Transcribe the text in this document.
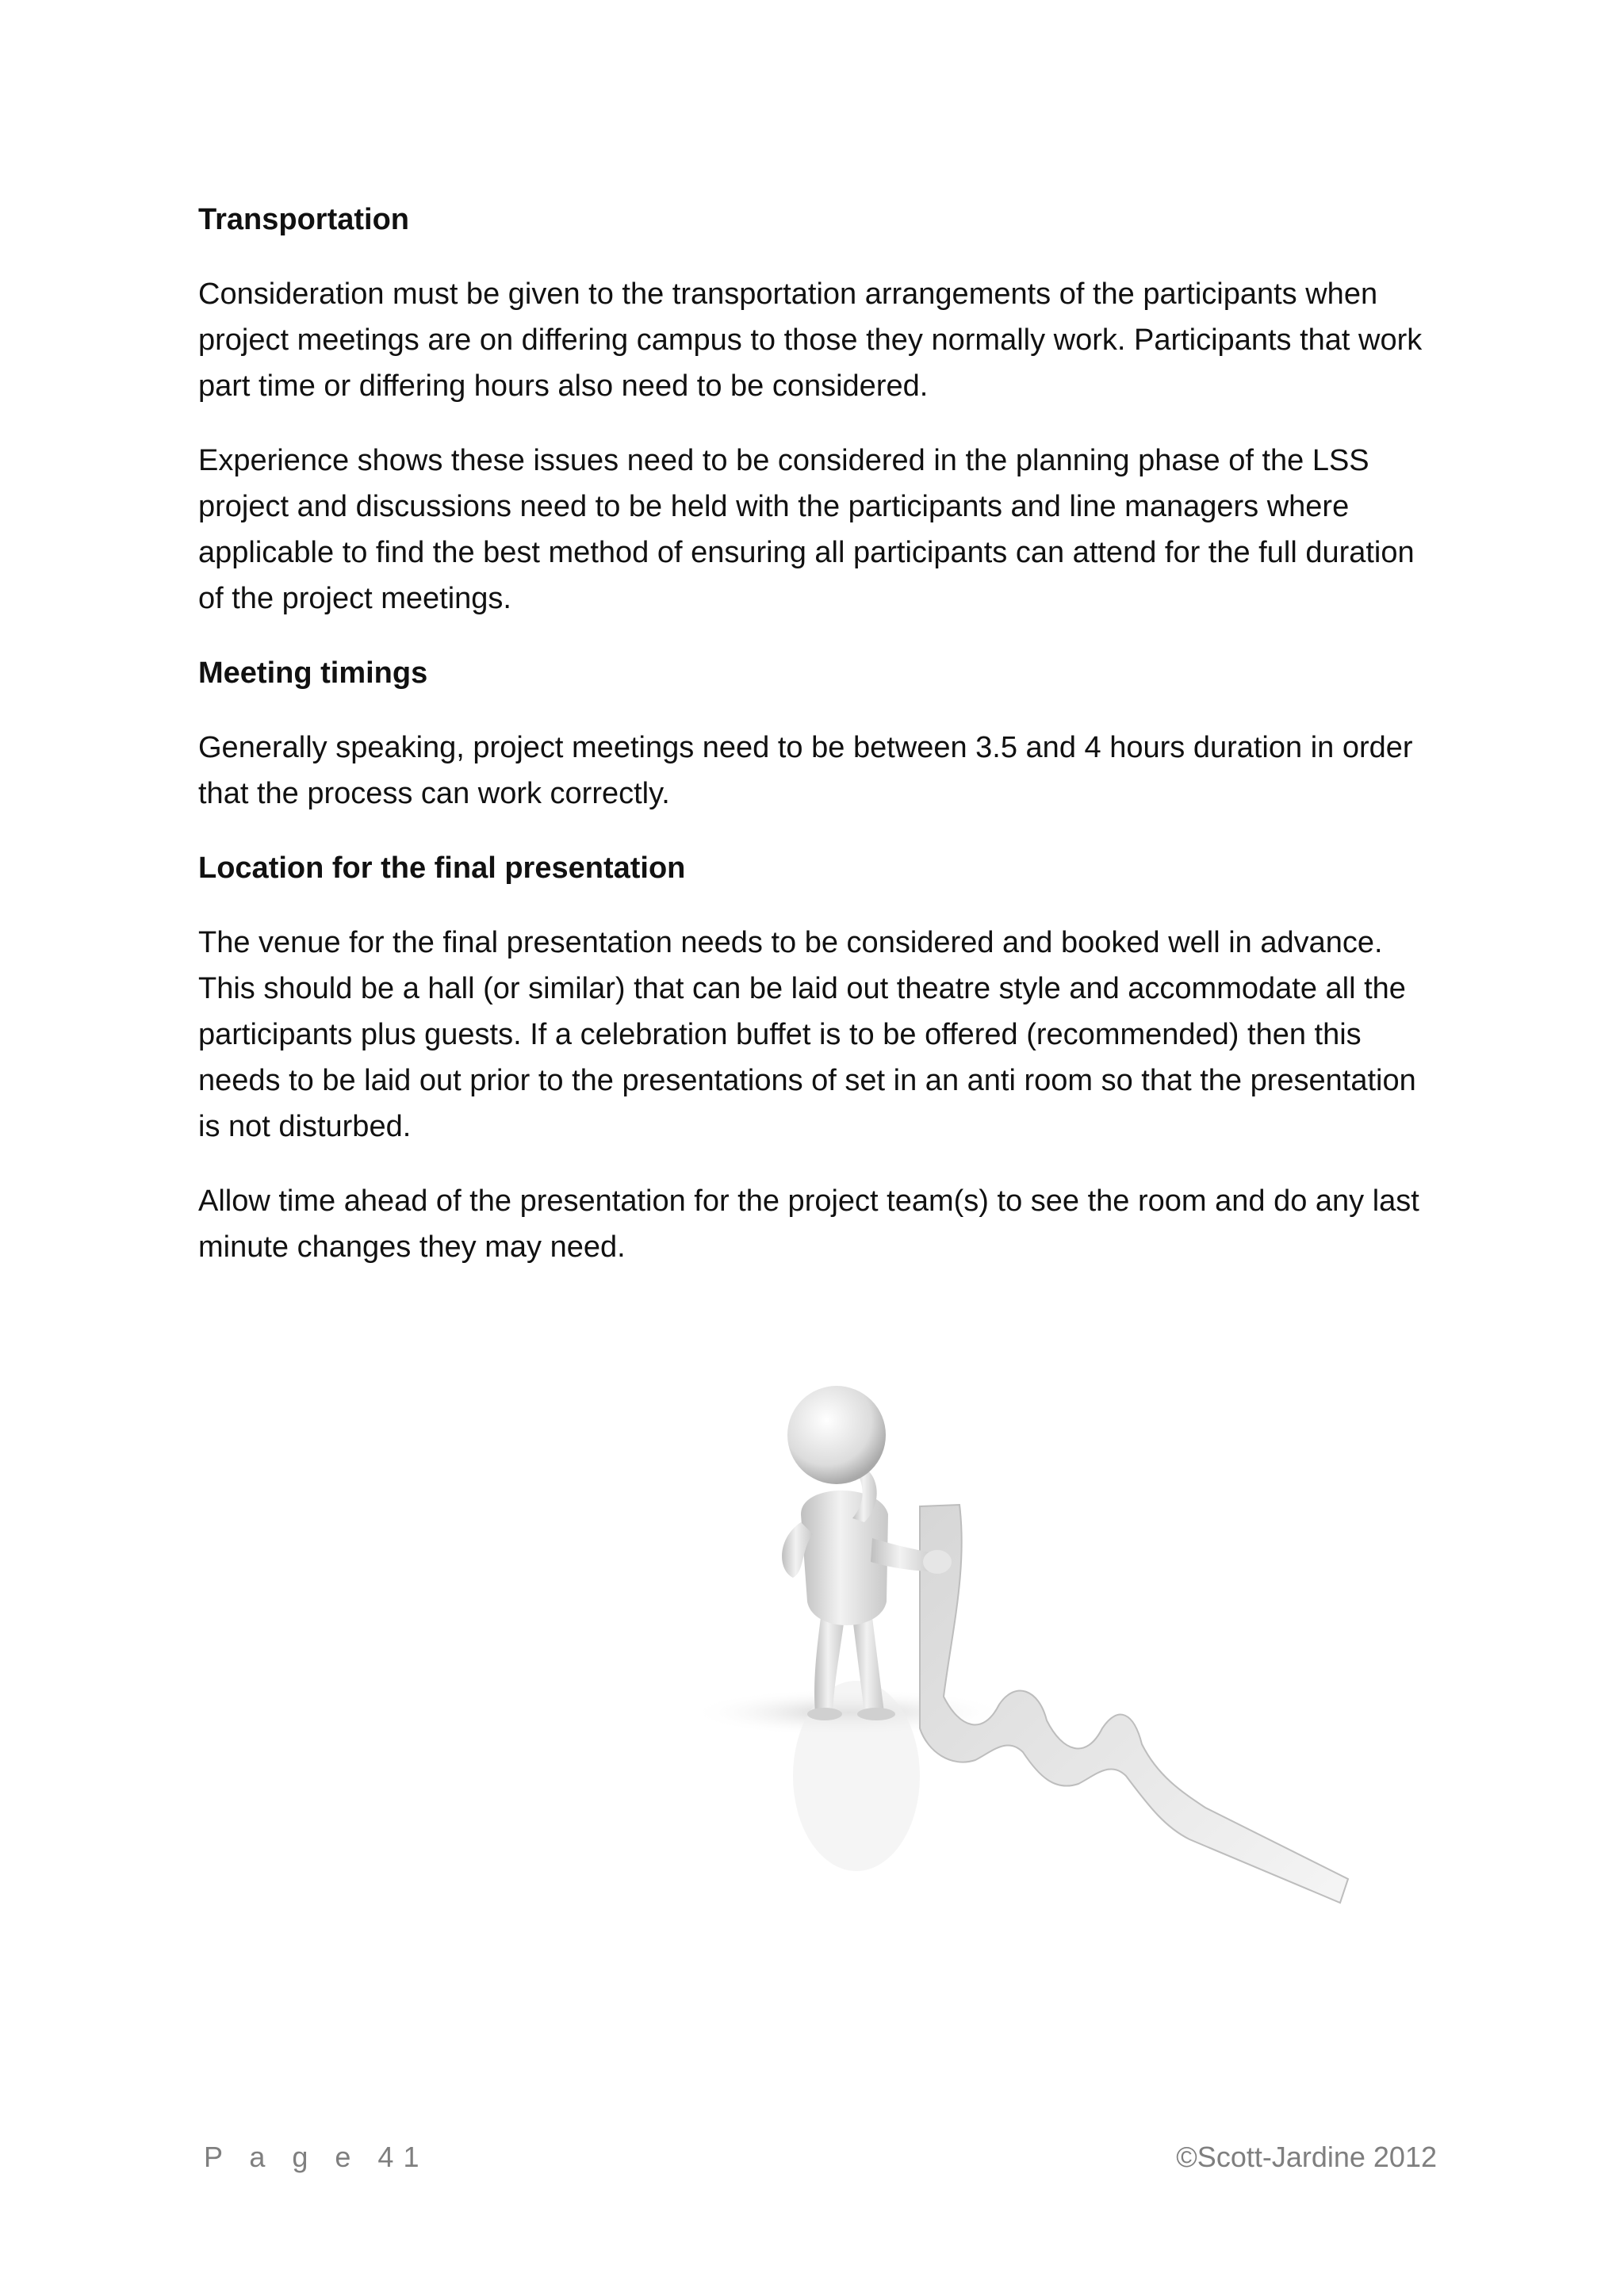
Transportation

Consideration must be given to the transportation arrangements of the participants when project meetings are on differing campus to those they normally work. Participants that work part time or differing hours also need to be considered.

Experience shows these issues need to be considered in the planning phase of the LSS project and discussions need to be held with the participants and line managers where applicable to find the best method of ensuring all participants can attend for the full duration of the project meetings.

Meeting timings

Generally speaking, project meetings need to be between 3.5 and 4 hours duration in order that the process can work correctly.

Location for the final presentation

The venue for the final presentation needs to be considered and booked well in advance. This should be a hall (or similar) that can be laid out theatre style and accommodate all the participants plus guests. If a celebration buffet is to be offered (recommended) then this needs to be laid out prior to the presentations of set in an anti room so that the presentation is not disturbed.

Allow time ahead of the presentation for the project team(s) to see the room and do any last minute changes they may need.

P a g e 41	©Scott-Jardine 2012
